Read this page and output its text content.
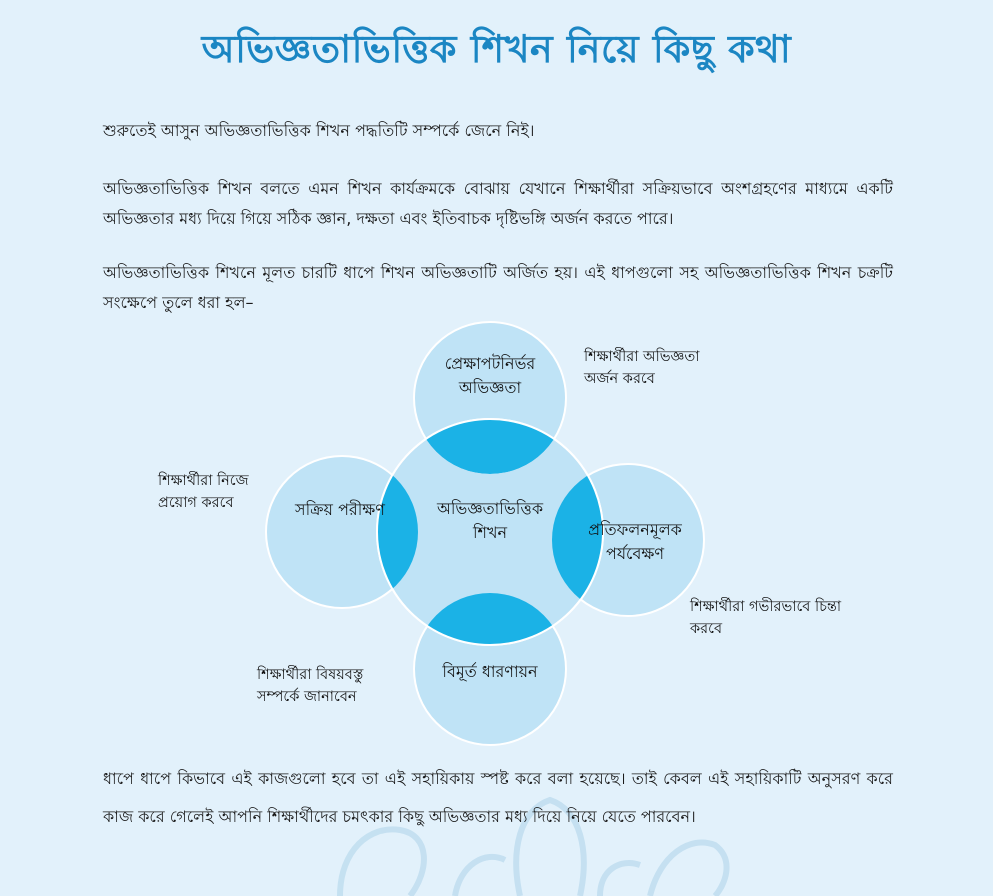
অভিজ্ঞতাভিত্তিক শিখন নিয়ে কিছু কথা
শুরুতেই আসুন অভিজ্ঞতাভিত্তিক শিখন পদ্ধতিটি সম্পর্কে জেনে নিই।
অভিজ্ঞতাভিত্তিক শিখন বলতে এমন শিখন কার্যক্রমকে বোঝায় যেখানে শিক্ষার্থীরা সক্রিয়ভাবে অংশগ্রহণের মাধ্যমে একটি অভিজ্ঞতার মধ্য দিয়ে গিয়ে সঠিক জ্ঞান, দক্ষতা এবং ইতিবাচক দৃষ্টিভঙ্গি অর্জন করতে পারে।
অভিজ্ঞতাভিত্তিক শিখনে মূলত চারটি ধাপে শিখন অভিজ্ঞতাটি অর্জিত হয়। এই ধাপগুলো সহ অভিজ্ঞতাভিত্তিক শিখন চক্রটি সংক্ষেপে তুলে ধরা হল–
অভিজ্ঞতাভিত্তিক শিখন
প্রেক্ষাপটনির্ভর অভিজ্ঞতা
প্রতিফলনমূলক পর্যবেক্ষণ
বিমূর্ত ধারণায়ন
সক্রিয় পরীক্ষণ
শিক্ষার্থীরা অভিজ্ঞতা অর্জন করবে
শিক্ষার্থীরা গভীরভাবে চিন্তা করবে
শিক্ষার্থীরা বিষয়বস্তু সম্পর্কে জানাবেন
শিক্ষার্থীরা নিজে প্রয়োগ করবে
ধাপে ধাপে কিভাবে এই কাজগুলো হবে তা এই সহায়িকায় স্পষ্ট করে বলা হয়েছে। তাই কেবল এই সহায়িকাটি অনুসরণ করে কাজ করে গেলেই আপনি শিক্ষার্থীদের চমৎকার কিছু অভিজ্ঞতার মধ্য দিয়ে নিয়ে যেতে পারবেন।
